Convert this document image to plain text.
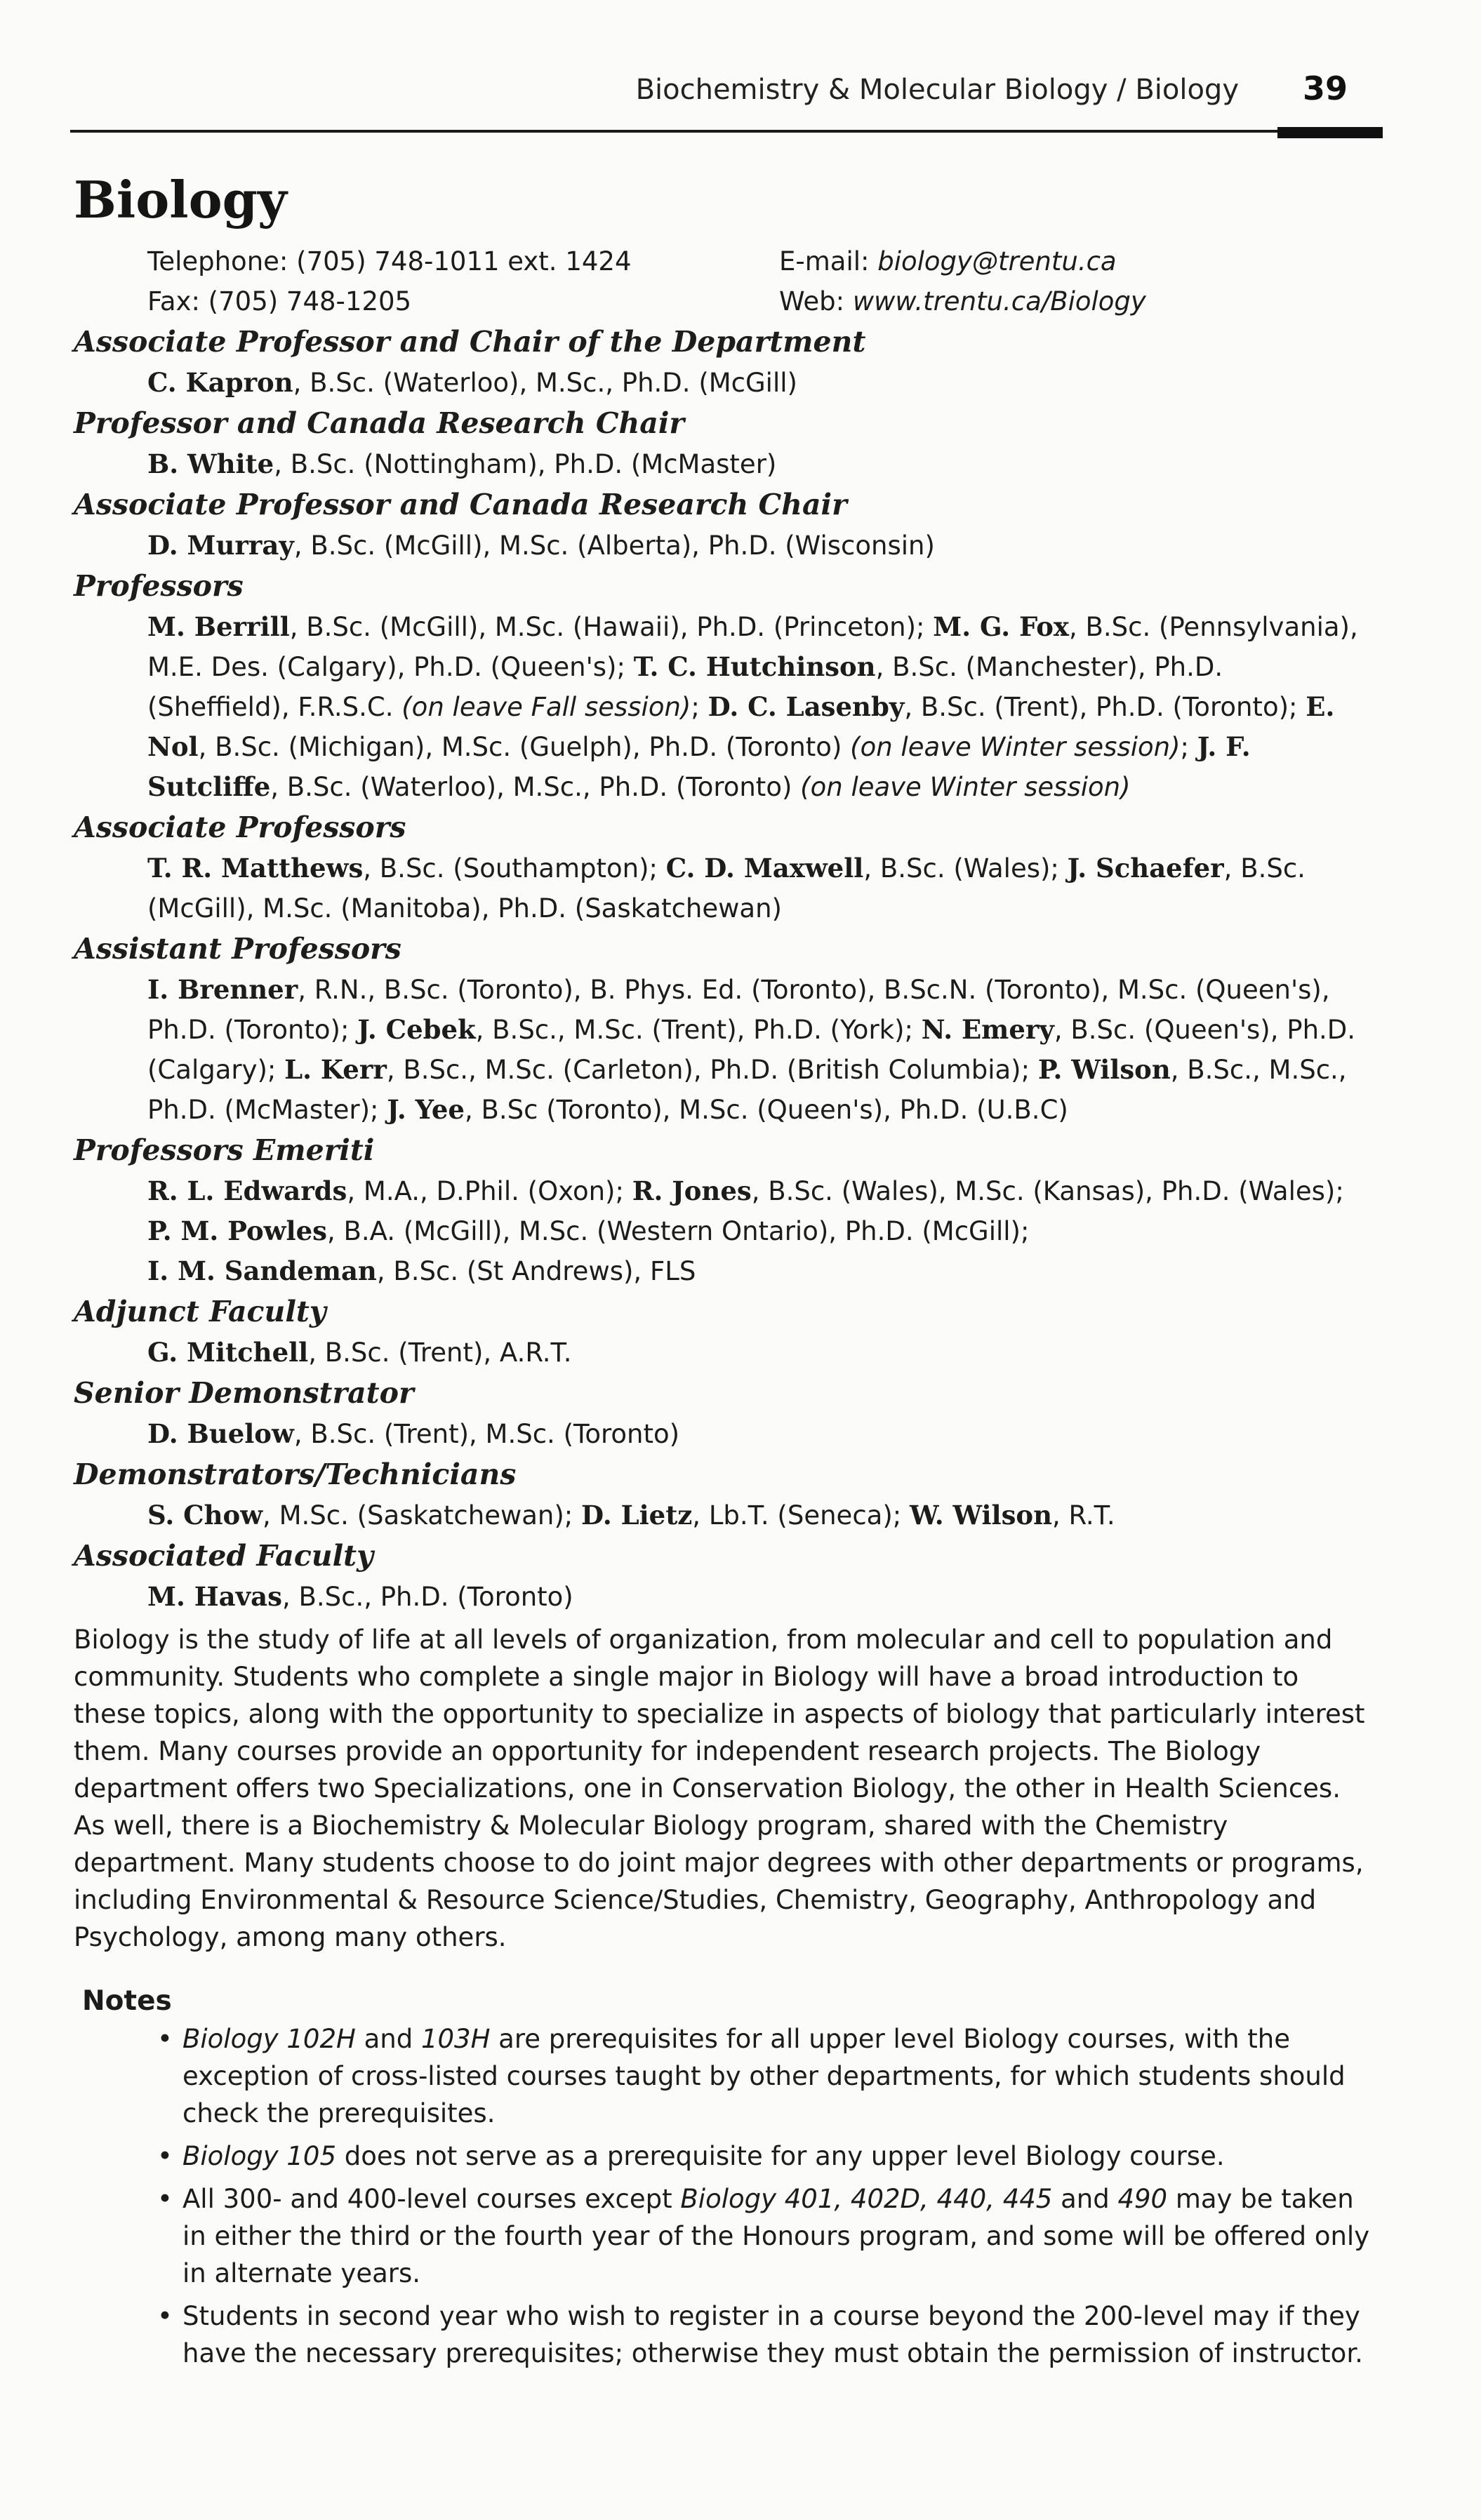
Biochemistry & Molecular Biology / Biology 39
Biology
Telephone: (705) 748-1011 ext. 1424	E-mail: biology@trentu.ca
Fax: (705) 748-1205	Web: www.trentu.ca/Biology
Associate Professor and Chair of the Department
C. Kapron, B.Sc. (Waterloo), M.Sc., Ph.D. (McGill)
Professor and Canada Research Chair
B. White, B.Sc. (Nottingham), Ph.D. (McMaster)
Associate Professor and Canada Research Chair
D. Murray, B.Sc. (McGill), M.Sc. (Alberta), Ph.D. (Wisconsin)
Professors
M. Berrill, B.Sc. (McGill), M.Sc. (Hawaii), Ph.D. (Princeton); M. G. Fox, B.Sc. (Pennsylvania), M.E. Des. (Calgary), Ph.D. (Queen's); T. C. Hutchinson, B.Sc. (Manchester), Ph.D. (Sheffield), F.R.S.C. (on leave Fall session); D. C. Lasenby, B.Sc. (Trent), Ph.D. (Toronto); E. Nol, B.Sc. (Michigan), M.Sc. (Guelph), Ph.D. (Toronto) (on leave Winter session); J. F. Sutcliffe, B.Sc. (Waterloo), M.Sc., Ph.D. (Toronto) (on leave Winter session)
Associate Professors
T. R. Matthews, B.Sc. (Southampton); C. D. Maxwell, B.Sc. (Wales); J. Schaefer, B.Sc. (McGill), M.Sc. (Manitoba), Ph.D. (Saskatchewan)
Assistant Professors
I. Brenner, R.N., B.Sc. (Toronto), B. Phys. Ed. (Toronto), B.Sc.N. (Toronto), M.Sc. (Queen's), Ph.D. (Toronto); J. Cebek, B.Sc., M.Sc. (Trent), Ph.D. (York); N. Emery, B.Sc. (Queen's), Ph.D. (Calgary); L. Kerr, B.Sc., M.Sc. (Carleton), Ph.D. (British Columbia); P. Wilson, B.Sc., M.Sc., Ph.D. (McMaster); J. Yee, B.Sc (Toronto), M.Sc. (Queen's), Ph.D. (U.B.C)
Professors Emeriti
R. L. Edwards, M.A., D.Phil. (Oxon); R. Jones, B.Sc. (Wales), M.Sc. (Kansas), Ph.D. (Wales); P. M. Powles, B.A. (McGill), M.Sc. (Western Ontario), Ph.D. (McGill);
I. M. Sandeman, B.Sc. (St Andrews), FLS
Adjunct Faculty
G. Mitchell, B.Sc. (Trent), A.R.T.
Senior Demonstrator
D. Buelow, B.Sc. (Trent), M.Sc. (Toronto)
Demonstrators/Technicians
S. Chow, M.Sc. (Saskatchewan); D. Lietz, Lb.T. (Seneca); W. Wilson, R.T.
Associated Faculty
M. Havas, B.Sc., Ph.D. (Toronto)

Biology is the study of life at all levels of organization, from molecular and cell to population and community. Students who complete a single major in Biology will have a broad introduction to these topics, along with the opportunity to specialize in aspects of biology that particularly interest them. Many courses provide an opportunity for independent research projects. The Biology department offers two Specializations, one in Conservation Biology, the other in Health Sciences. As well, there is a Biochemistry & Molecular Biology program, shared with the Chemistry department. Many students choose to do joint major degrees with other departments or programs, including Environmental & Resource Science/Studies, Chemistry, Geography, Anthropology and Psychology, among many others.

Notes
• Biology 102H and 103H are prerequisites for all upper level Biology courses, with the exception of cross-listed courses taught by other departments, for which students should check the prerequisites.
• Biology 105 does not serve as a prerequisite for any upper level Biology course.
• All 300- and 400-level courses except Biology 401, 402D, 440, 445 and 490 may be taken in either the third or the fourth year of the Honours program, and some will be offered only in alternate years.
• Students in second year who wish to register in a course beyond the 200-level may if they have the necessary prerequisites; otherwise they must obtain the permission of instructor.
